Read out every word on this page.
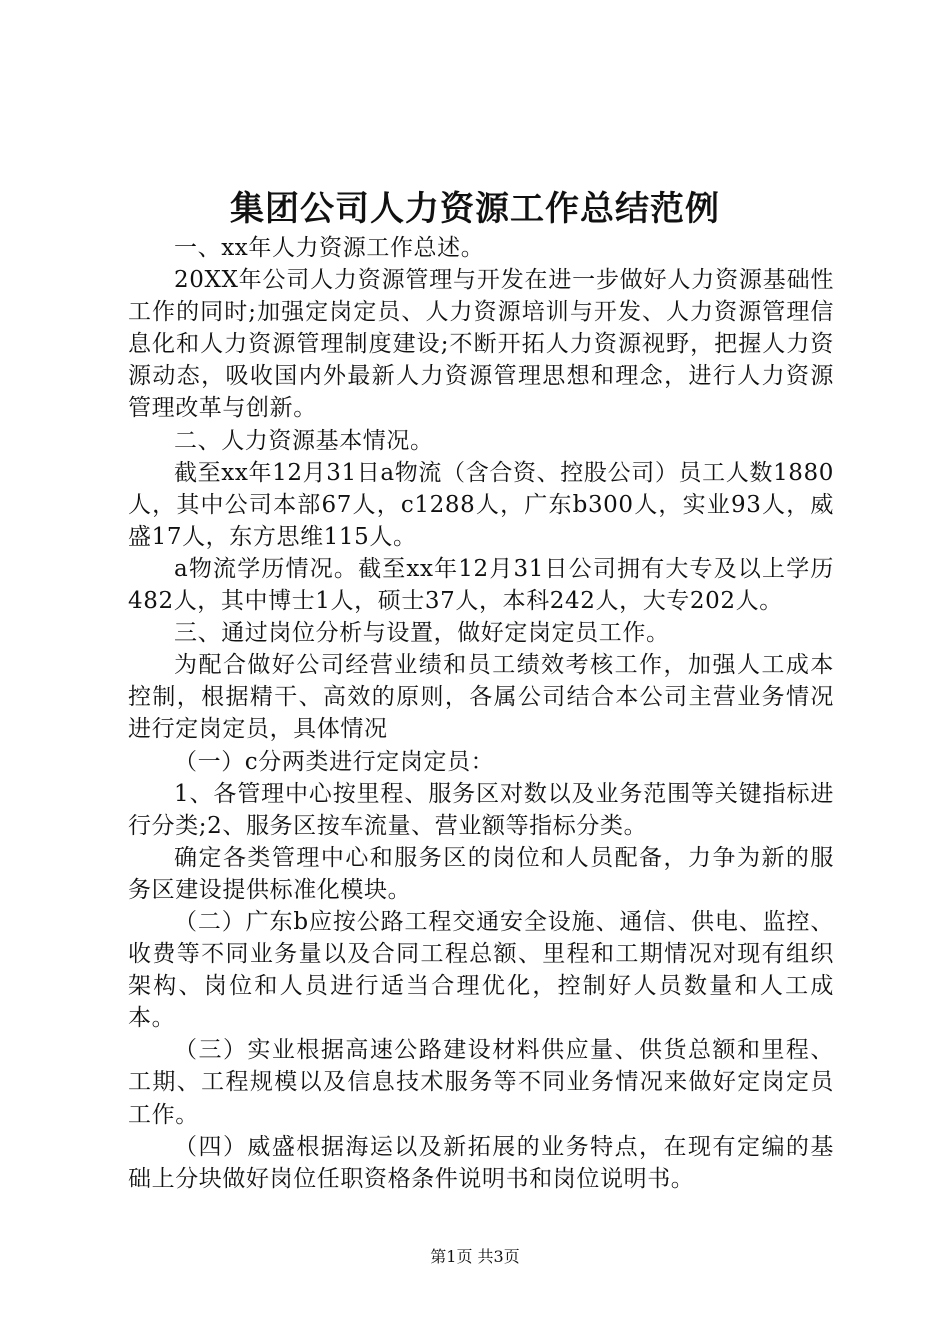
集团公司人力资源工作总结范例

一、xx年人力资源工作总述。

20XX年公司人力资源管理与开发在进一步做好人力资源基础性工作的同时;加强定岗定员、人力资源培训与开发、人力资源管理信息化和人力资源管理制度建设;不断开拓人力资源视野，把握人力资源动态，吸收国内外最新人力资源管理思想和理念，进行人力资源管理改革与创新。

二、人力资源基本情况。

截至xx年12月31日a物流（含合资、控股公司）员工人数1880人，其中公司本部67人，c1288人，广东b300人，实业93人，威盛17人，东方思维115人。

a物流学历情况。截至xx年12月31日公司拥有大专及以上学历482人，其中博士1人，硕士37人，本科242人，大专202人。

三、通过岗位分析与设置，做好定岗定员工作。

为配合做好公司经营业绩和员工绩效考核工作，加强人工成本控制，根据精干、高效的原则，各属公司结合本公司主营业务情况进行定岗定员，具体情况

（一）c分两类进行定岗定员：

1、各管理中心按里程、服务区对数以及业务范围等关键指标进行分类;2、服务区按车流量、营业额等指标分类。

确定各类管理中心和服务区的岗位和人员配备，力争为新的服务区建设提供标准化模块。

（二）广东b应按公路工程交通安全设施、通信、供电、监控、收费等不同业务量以及合同工程总额、里程和工期情况对现有组织架构、岗位和人员进行适当合理优化，控制好人员数量和人工成本。

（三）实业根据高速公路建设材料供应量、供货总额和里程、工期、工程规模以及信息技术服务等不同业务情况来做好定岗定员工作。

（四）威盛根据海运以及新拓展的业务特点，在现有定编的基础上分块做好岗位任职资格条件说明书和岗位说明书。

第1页 共3页
